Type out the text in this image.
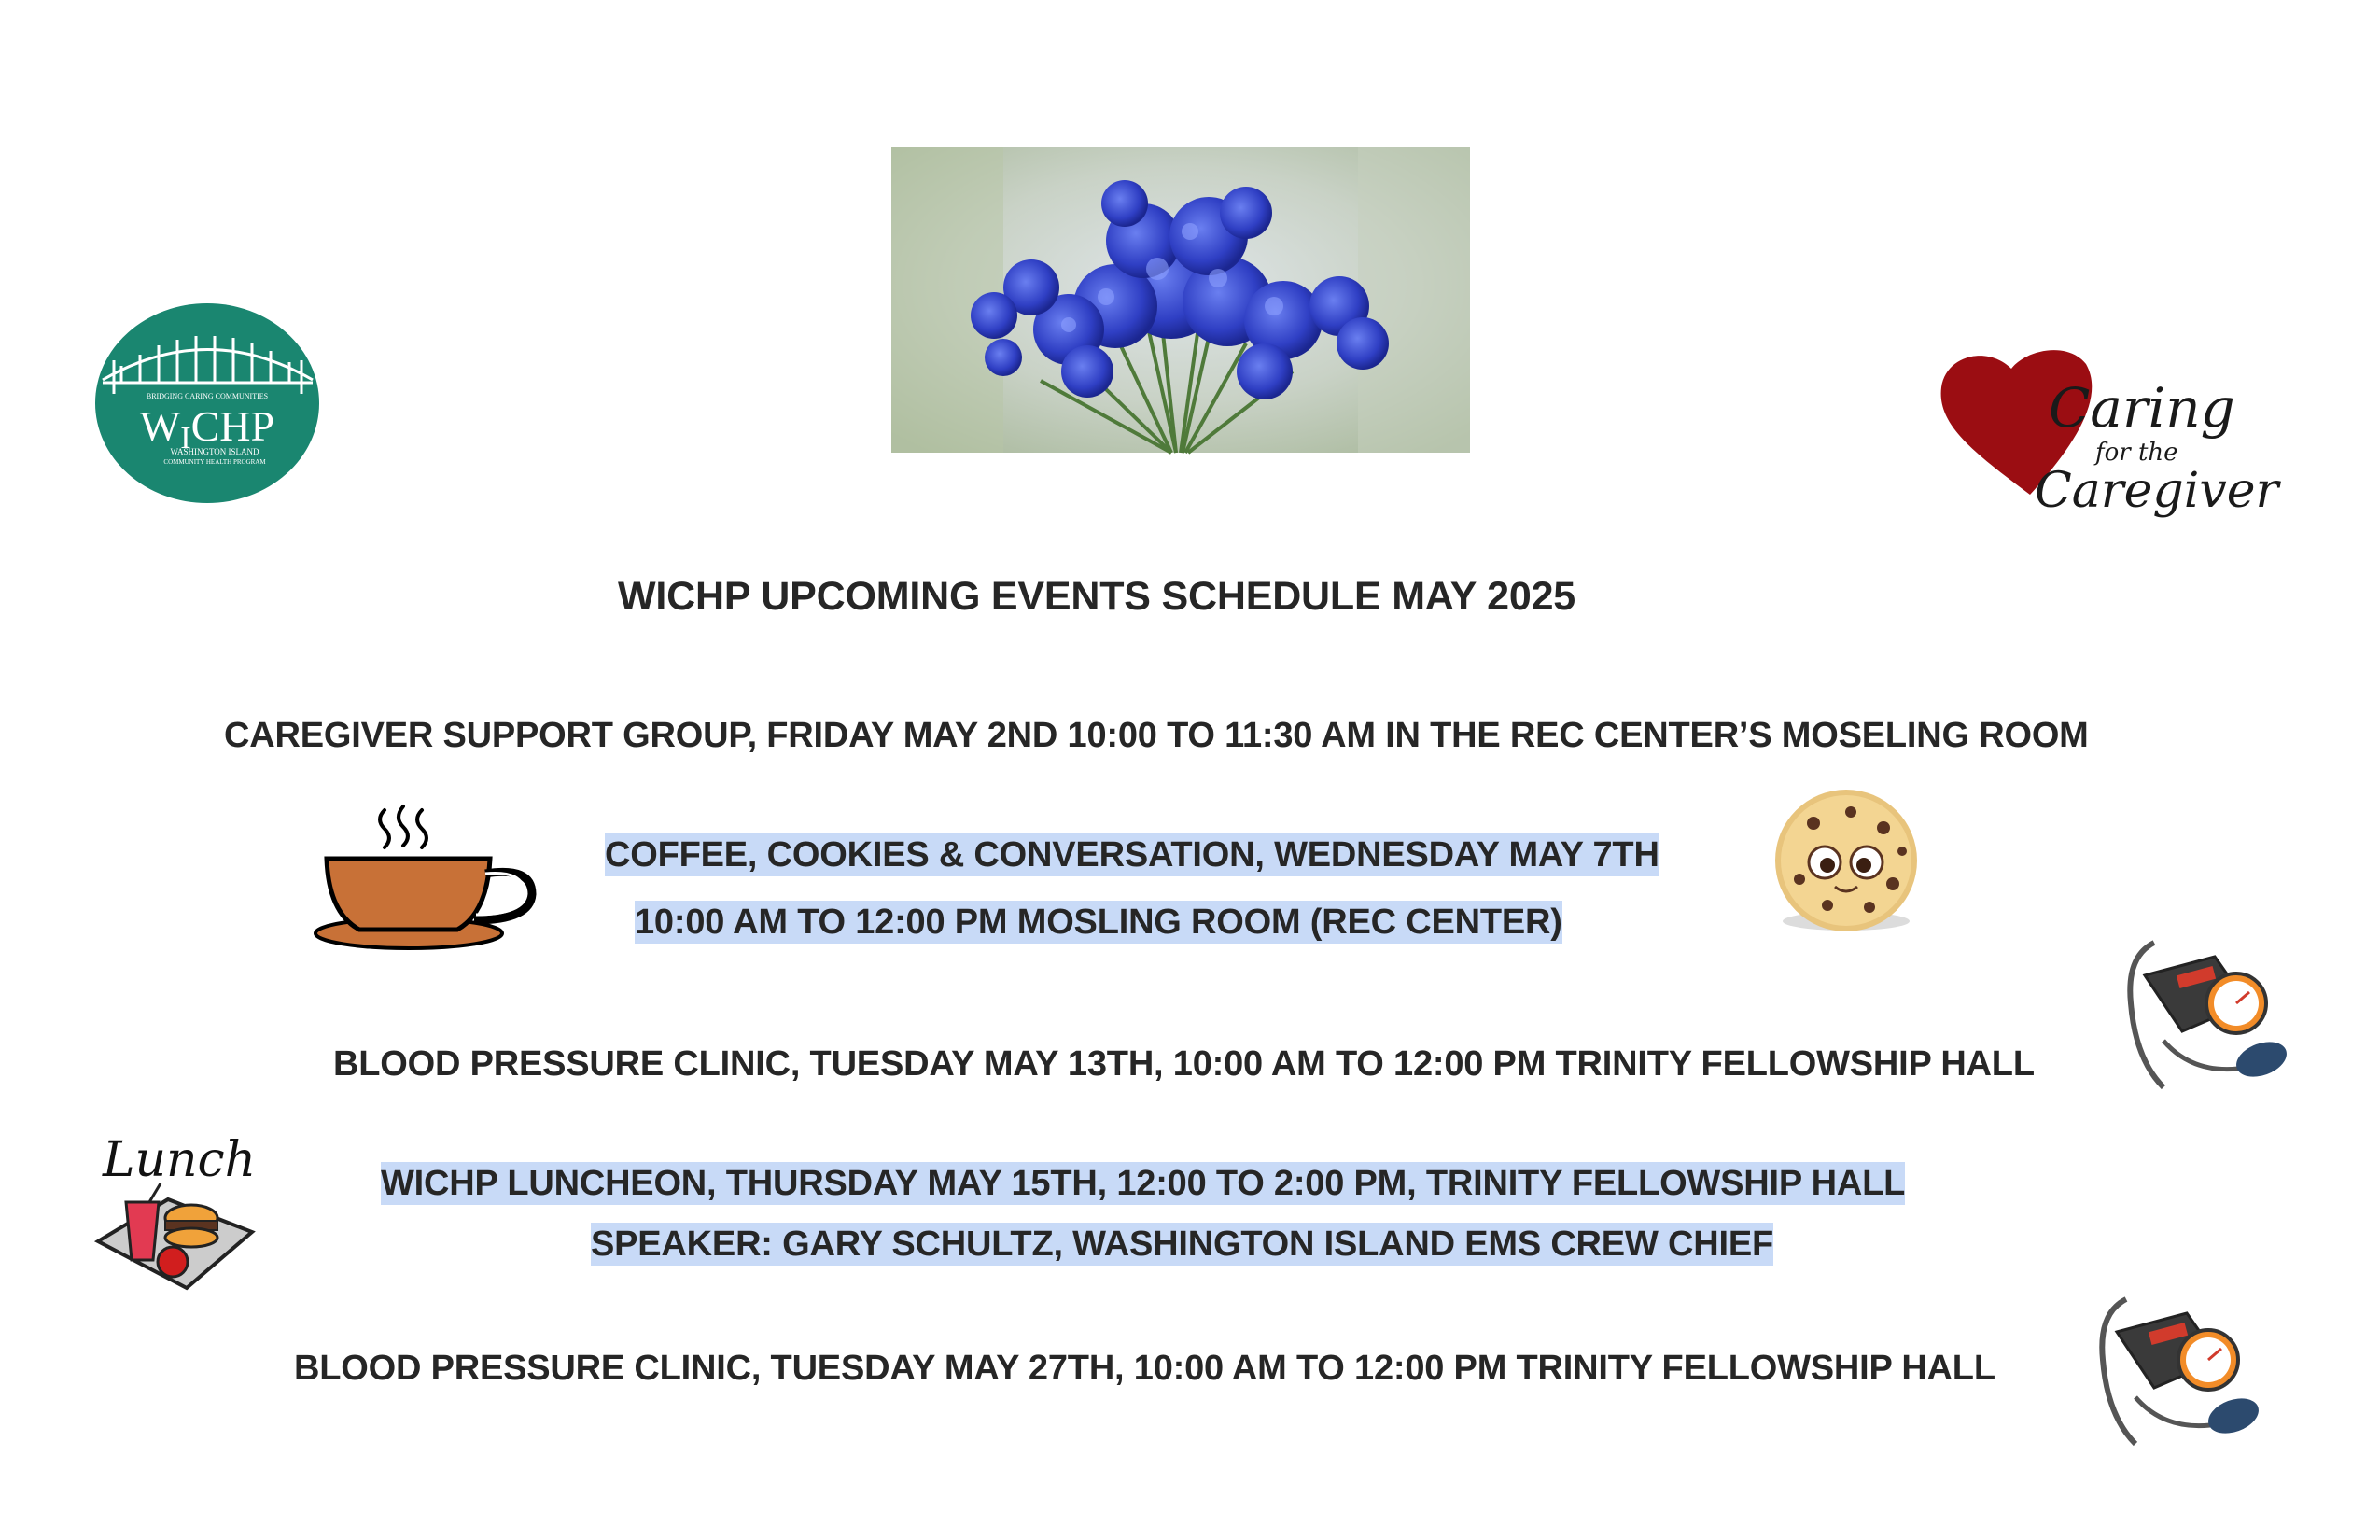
BRIDGING CARING COMMUNITIES
WICHP
WASHINGTON ISLAND
COMMUNITY HEALTH PROGRAM
Caring
for the
Caregiver
WICHP UPCOMING EVENTS SCHEDULE MAY 2025
CAREGIVER SUPPORT GROUP, FRIDAY MAY 2ND 10:00 TO 11:30 AM IN THE REC CENTER’S MOSELING ROOM
COFFEE, COOKIES & CONVERSATION, WEDNESDAY MAY 7TH
10:00 AM TO 12:00 PM MOSLING ROOM (REC CENTER)
BLOOD PRESSURE CLINIC, TUESDAY MAY 13TH, 10:00 AM TO 12:00 PM TRINITY FELLOWSHIP HALL
Lunch	WICHP LUNCHEON, THURSDAY MAY 15TH, 12:00 TO 2:00 PM, TRINITY FELLOWSHIP HALL
SPEAKER: GARY SCHULTZ, WASHINGTON ISLAND EMS CREW CHIEF
BLOOD PRESSURE CLINIC, TUESDAY MAY 27TH, 10:00 AM TO 12:00 PM TRINITY FELLOWSHIP HALL
